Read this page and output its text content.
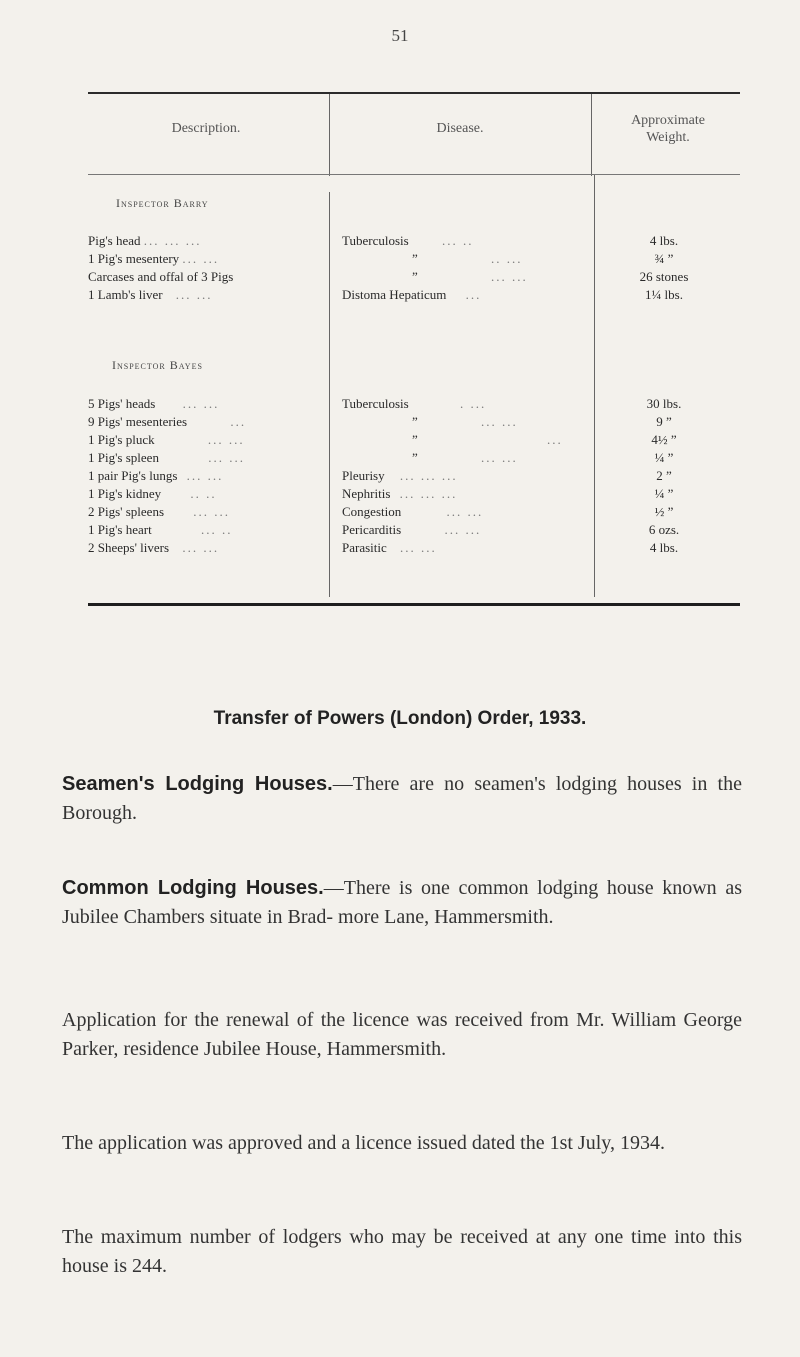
51
Description.	Disease.
Approximate
Weight.
Inspector Barry
Pig's head ... ... ...	Tuberculosis	... ..	4 lbs.
1 Pig's mesentery ... ...	”	.. ...	¾ ”
Carcases and offal of 3 Pigs	”	... ...	26 stones
1 Lamb's liver ... ...	Distoma Hepaticum ...	1¼ lbs.
Inspector Bayes
5 Pigs' heads ... ...	Tuberculosis	. ...	30 lbs.
9 Pigs' mesenteries	...	”	... ...	9 ”
1 Pig's pluck	... ...	”	...	4½ ”
1 Pig's spleen	... ...	”	... ...	¼ ”
1 pair Pig's lungs ... ...	Pleurisy ... ... ...	2 ”
1 Pig's kidney .. ..	Nephritis ... ... ...	¼ ”
2 Pigs' spleens ... ...	Congestion	... ...	½ ”
1 Pig's heart	... ..	Pericarditis	... ...	6 ozs.
2 Sheeps' livers ... ...	Parasitic ... ...	4 lbs.
Transfer of Powers (London) Order, 1933.
Seamen's Lodging Houses.—There are no seamen's lodging houses in the Borough.
Common Lodging Houses.—There is one common lodging house known as Jubilee Chambers situate in Brad- more Lane, Hammersmith.
Application for the renewal of the licence was received from Mr. William George Parker, residence Jubilee House, Hammersmith.
The application was approved and a licence issued dated the 1st July, 1934.
The maximum number of lodgers who may be received at any one time into this house is 244.
